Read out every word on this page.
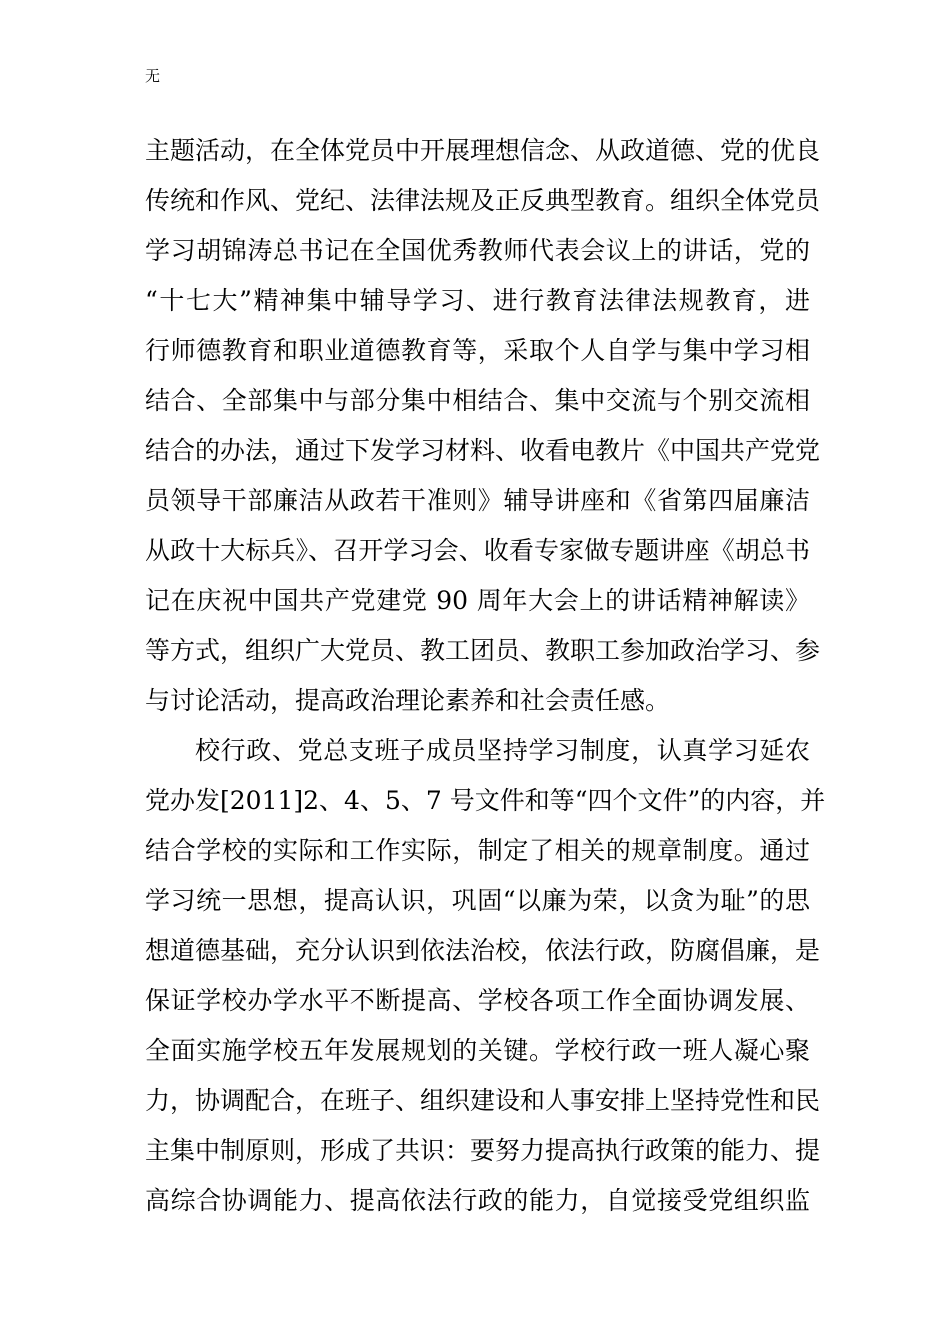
无
主题活动，在全体党员中开展理想信念、从政道德、党的优良
传统和作风、党纪、法律法规及正反典型教育。组织全体党员
学习胡锦涛总书记在全国优秀教师代表会议上的讲话，党的
“十七大”精神集中辅导学习、进行教育法律法规教育，进
行师德教育和职业道德教育等，采取个人自学与集中学习相
结合、全部集中与部分集中相结合、集中交流与个别交流相
结合的办法，通过下发学习材料、收看电教片《中国共产党党
员领导干部廉洁从政若干准则》辅导讲座和《省第四届廉洁
从政十大标兵》、召开学习会、收看专家做专题讲座《胡总书
记在庆祝中国共产党建党 90 周年大会上的讲话精神解读》
等方式，组织广大党员、教工团员、教职工参加政治学习、参
与讨论活动，提高政治理论素养和社会责任感。
校行政、党总支班子成员坚持学习制度，认真学习延农
党办发[2011]2、4、5、7 号文件和等“四个文件”的内容，并
结合学校的实际和工作实际，制定了相关的规章制度。通过
学习统一思想，提高认识，巩固“以廉为荣，以贪为耻”的思
想道德基础，充分认识到依法治校，依法行政，防腐倡廉，是
保证学校办学水平不断提高、学校各项工作全面协调发展、
全面实施学校五年发展规划的关键。学校行政一班人凝心聚
力，协调配合，在班子、组织建设和人事安排上坚持党性和民
主集中制原则，形成了共识：要努力提高执行政策的能力、提
高综合协调能力、提高依法行政的能力，自觉接受党组织监
